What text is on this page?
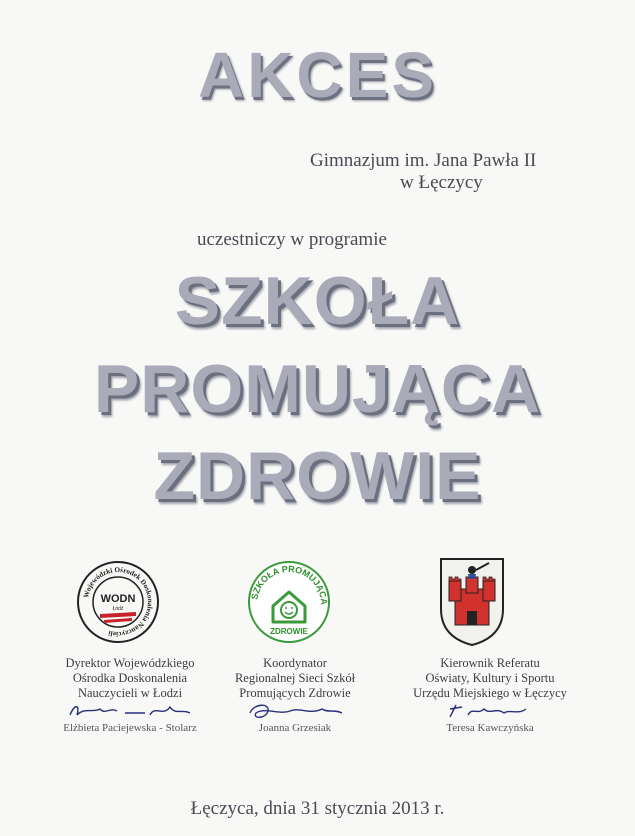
AKCES
Gimnazjum im. Jana Pawła II
w Łęczycy
uczestniczy w programie
SZKOŁA
PROMUJĄCA
ZDROWIE
Wojewódzki Ośrodek Doskonalenia Nauczycieli
WODN
Łódź
SZKOŁA PROMUJĄCA
ZDROWIE
Dyrektor Wojewódzkiego
Ośrodka Doskonalenia
Nauczycieli w Łodzi
Elżbieta Paciejewska - Stolarz
Koordynator
Regionalnej Sieci Szkół
Promujących Zdrowie
Joanna Grzesiak
Kierownik Referatu
Oświaty, Kultury i Sportu
Urzędu Miejskiego w Łęczycy
Teresa Kawczyńska
Łęczyca, dnia 31 stycznia 2013 r.
